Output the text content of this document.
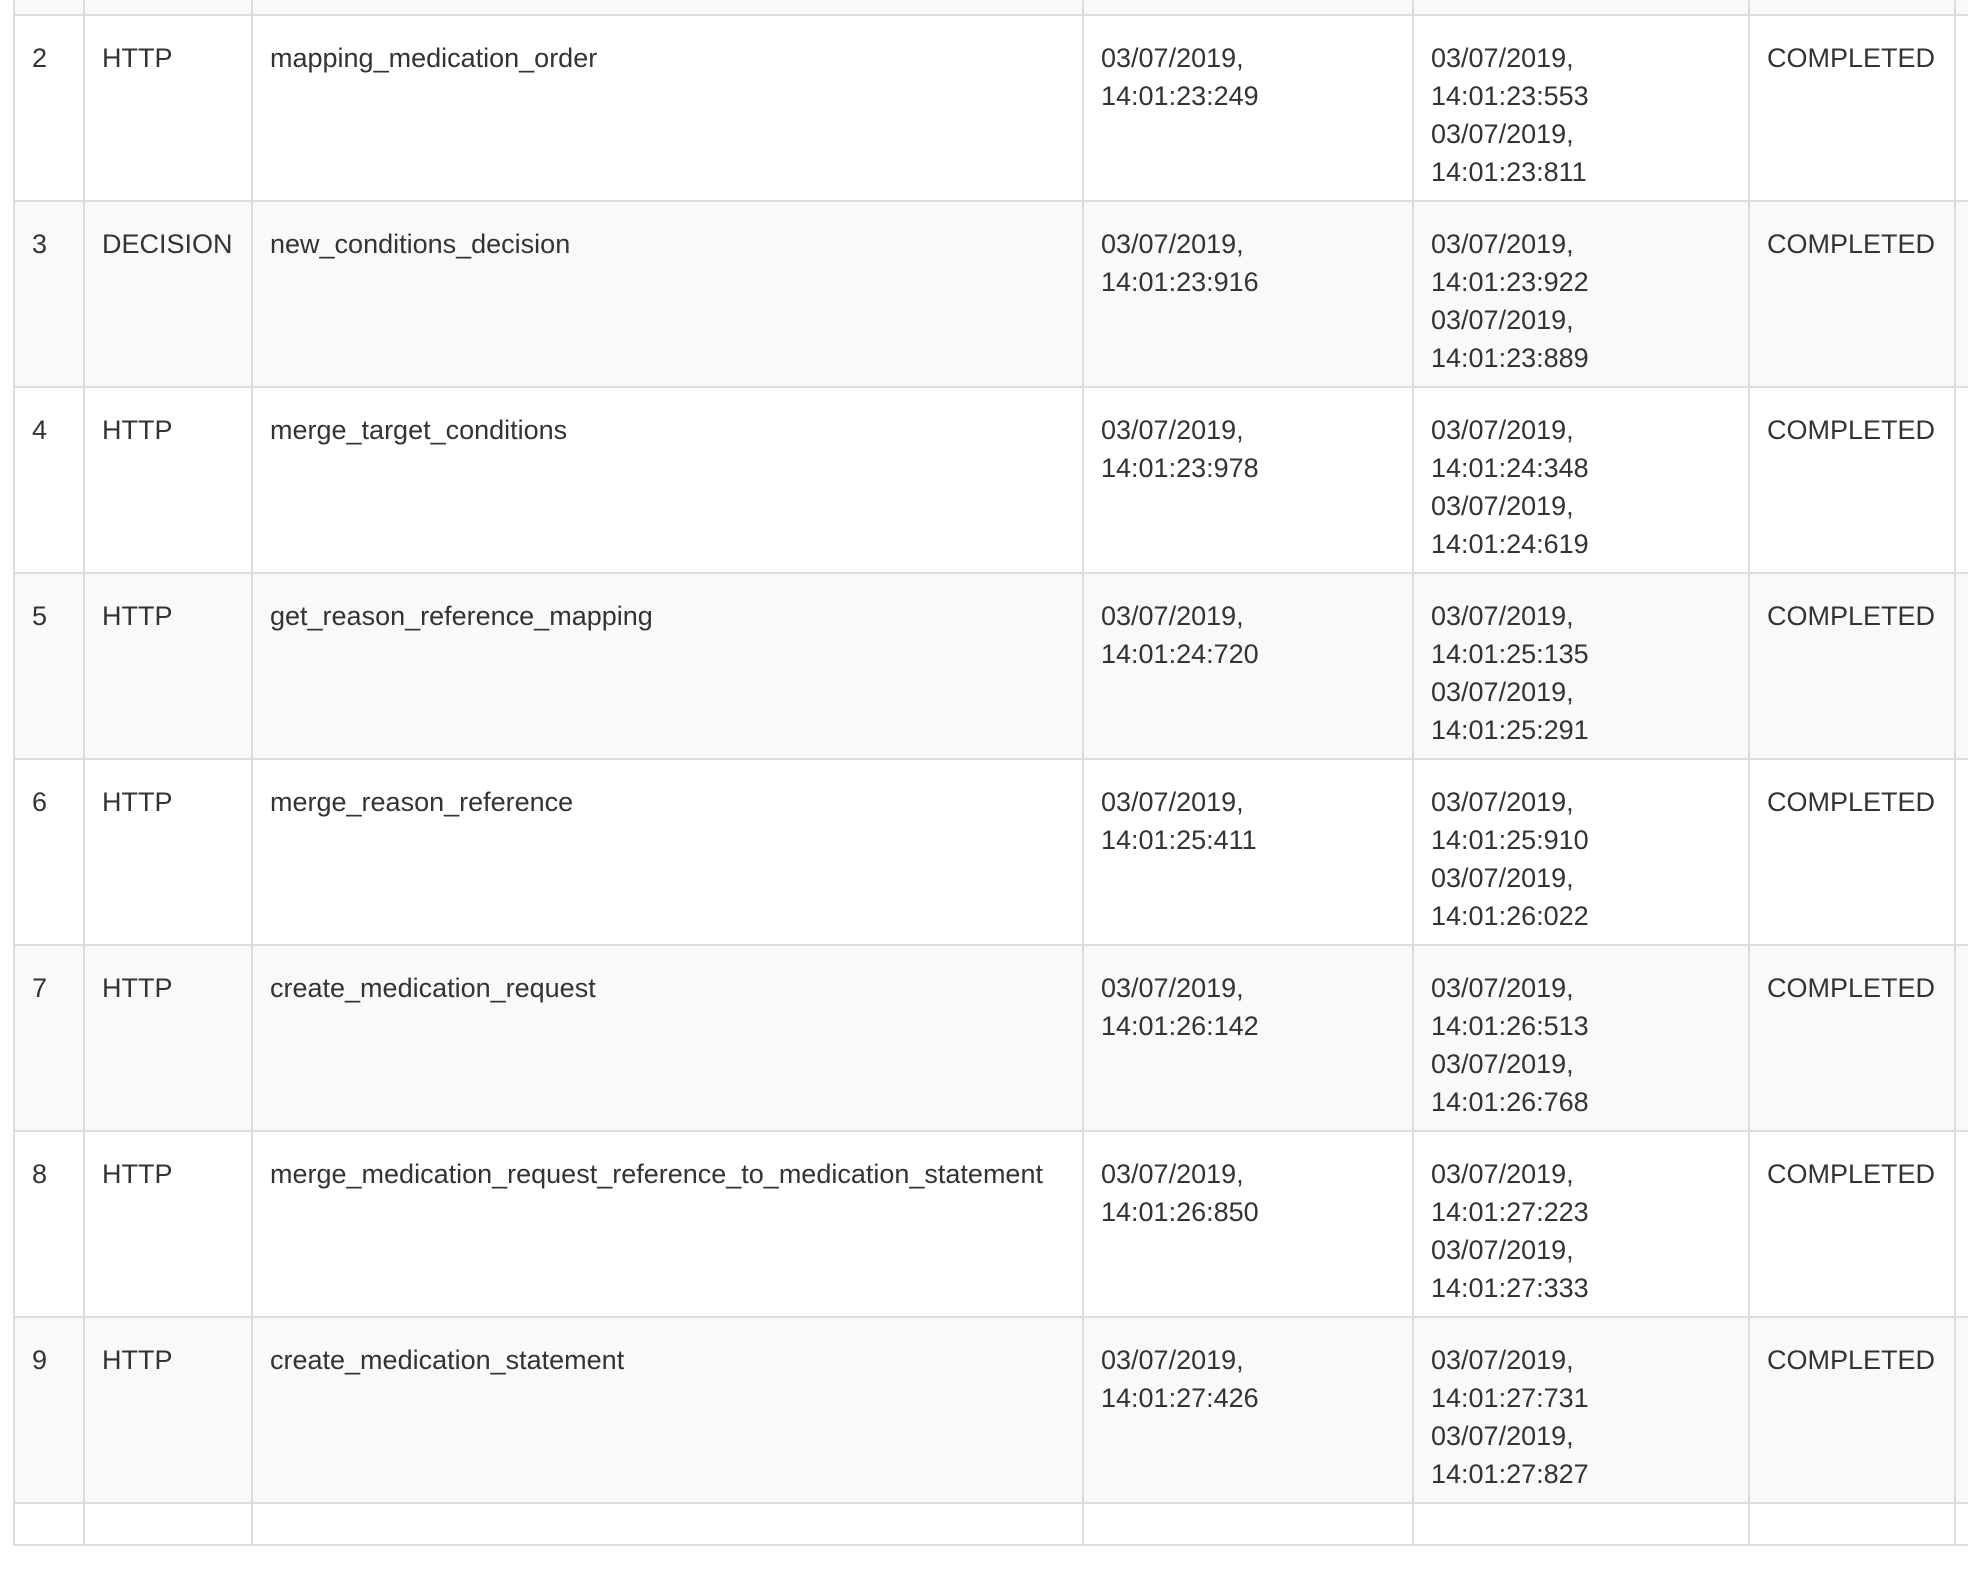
2	HTTP	mapping_medication_order	03/07/2019,
14:01:23:249	03/07/2019,
14:01:23:553
03/07/2019,
14:01:23:811	COMPLETED	
3	DECISION	new_conditions_decision	03/07/2019,
14:01:23:916	03/07/2019,
14:01:23:922
03/07/2019,
14:01:23:889	COMPLETED	
4	HTTP	merge_target_conditions	03/07/2019,
14:01:23:978	03/07/2019,
14:01:24:348
03/07/2019,
14:01:24:619	COMPLETED	
5	HTTP	get_reason_reference_mapping	03/07/2019,
14:01:24:720	03/07/2019,
14:01:25:135
03/07/2019,
14:01:25:291	COMPLETED	
6	HTTP	merge_reason_reference	03/07/2019,
14:01:25:411	03/07/2019,
14:01:25:910
03/07/2019,
14:01:26:022	COMPLETED	
7	HTTP	create_medication_request	03/07/2019,
14:01:26:142	03/07/2019,
14:01:26:513
03/07/2019,
14:01:26:768	COMPLETED	
8	HTTP	merge_medication_request_reference_to_medication_statement	03/07/2019,
14:01:26:850	03/07/2019,
14:01:27:223
03/07/2019,
14:01:27:333	COMPLETED	
9	HTTP	create_medication_statement	03/07/2019,
14:01:27:426	03/07/2019,
14:01:27:731
03/07/2019,
14:01:27:827	COMPLETED	
